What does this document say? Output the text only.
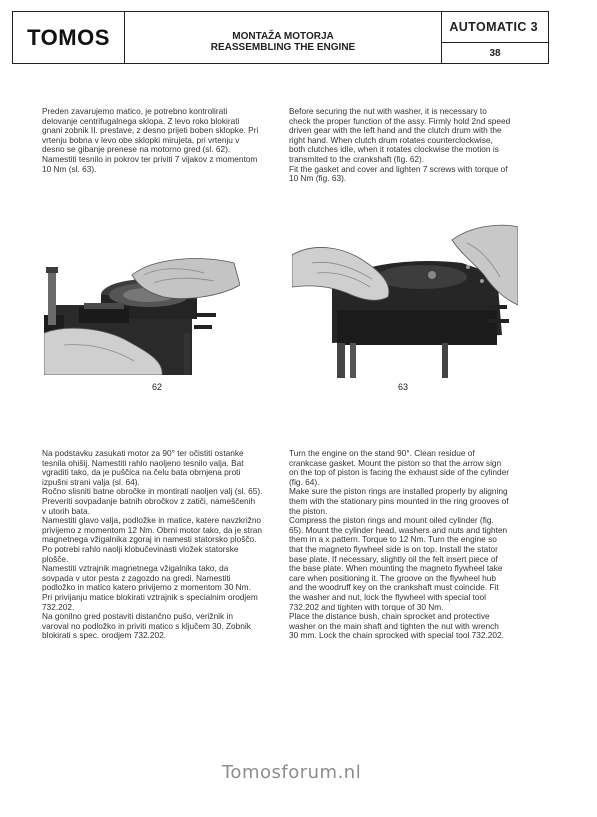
TOMOS	MONTAŽA MOTORJA
REASSEMBLING THE ENGINE
AUTOMATIC 3
38
Preden zavarujemo matico, je potrebno kontrolirati
delovanje centrifugalnega sklopa. Z levo roko blokirati
gnani zobnik II. prestave, z desno prijeti boben sklopke. Pri
vrtenju bobna v levo obe sklopki mirujeta, pri vrtenju v
desno se gibanje prenese na motorno gred (sl. 62).
Namestiti tesnilo in pokrov ter priviti 7 vijakov z momentom
10 Nm (sl. 63).
Before securing the nut with washer, it is necessary to
check the proper function of the assy. Firmly hold 2nd speed
driven gear with the left hand and the clutch drum with the
right hand. When clutch drum rotates counterclockwise,
both clutches idle, when it rotates clockwise the motion is
transmited to the crankshaft (fig. 62).
Fit the gasket and cover and lighten 7 screws with torque of
10 Nm (fig. 63).
62	63
Na podstavku zasukati motor za 90° ter očistiti ostanke
tesnila ohišij. Namestiti rahlo naoljeno tesnilo valja. Bat
vgraditi tako, da je puščica na čelu bata obrnjena proti
izpušni strani valja (sl. 64).
Ročno slisniti batne obročke in montirati naoljen valj (sl. 65).
Preveriti sovpadanje batnih obročkov z zatiči, nameščenih
v utorih bata.
Namestiti glavo valja, podložke in matice, katere navzkrižno
privijemo z momentom 12 Nm. Obrni motor tako, da je stran
magnetnega vžigalnika zgoraj in namesti statorsko ploščo.
Po potrebi rahlo naolji klobučevinasti vložek statorske
plošče.
Namestiti vztrajnik magnetnega vžigalnika tako, da
sovpada v utor pesta z zagozdo na gredi. Namestiti
podložko in matico katero privijemo z momentom 30 Nm.
Pri privijanju matice blokirati vztrajnik s specialnim orodjem
732.202.
Na gonilno gred postaviti distančno pušo, verižnik in
varoval no podložko in priviti matico s ključem 30. Zobnik
blokirati s spec. orodjem 732.202.
Turn the engine on the stand 90°. Clean residue of
crankcase gasket. Mount the piston so that the arrow sign
on the top of piston is facing the exhaust side of the cylinder
(fig. 64).
Make sure the piston rings are installed properly by aligning
them with the stationary pins mounted in the ring grooves of
the piston.
Compress the piston rings and mount oiled cylinder (fig.
65). Mount the cylinder head, washers and nuts and tighten
them in a x pattern. Torque to 12 Nm. Turn the engine so
that the magneto flywheel side is on top. Install the stator
base plate. If necessary, slightly oil the felt insert piece of
the base plate. When mounting the magneto flywheel take
care when positioning it. The groove on the flywheel hub
and the woodruff key on the crankshaft must coincide. Fit
the washer and nut, lock the flywheel with special tool
732.202 and tighten with torque of 30 Nm.
Place the distance bush, chain sprocket and protective
washer on the main shaft and tighten the nut with wrench
30 mm. Lock the chain sprocked with special tool 732.202.
Tomosforum.nl
